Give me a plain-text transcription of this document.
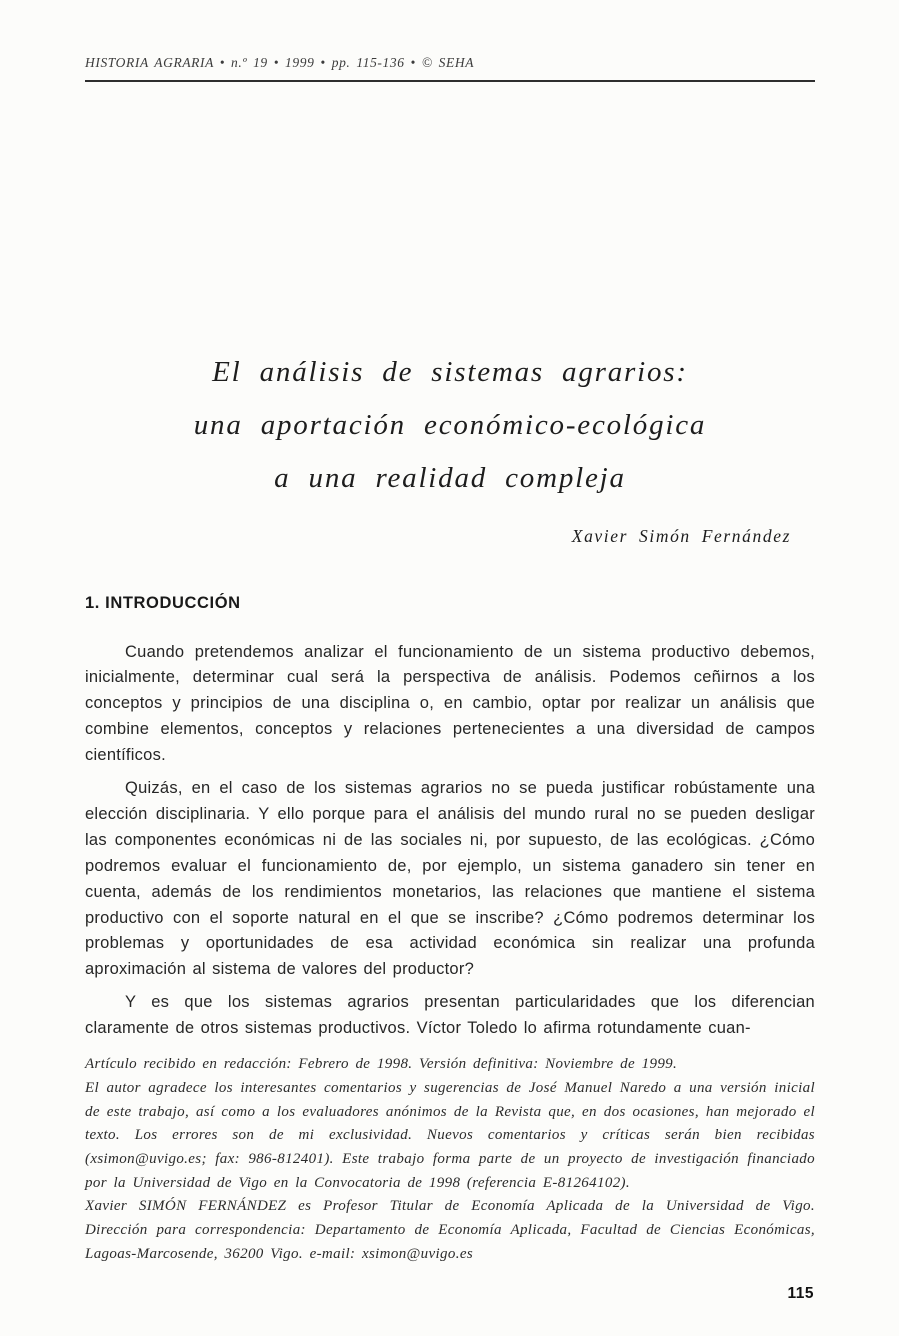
HISTORIA AGRARIA • n.º 19 • 1999 • pp. 115-136 • © SEHA
El análisis de sistemas agrarios:
una aportación económico-ecológica
a una realidad compleja
Xavier Simón Fernández
1. INTRODUCCIÓN

Cuando pretendemos analizar el funcionamiento de un sistema productivo debemos, inicialmente, determinar cual será la perspectiva de análisis. Podemos ceñirnos a los conceptos y principios de una disciplina o, en cambio, optar por realizar un análisis que combine elementos, conceptos y relaciones pertenecientes a una diversidad de campos científicos.

Quizás, en el caso de los sistemas agrarios no se pueda justificar robústamente una elección disciplinaria. Y ello porque para el análisis del mundo rural no se pueden desligar las componentes económicas ni de las sociales ni, por supuesto, de las ecológicas. ¿Cómo podremos evaluar el funcionamiento de, por ejemplo, un sistema ganadero sin tener en cuenta, además de los rendimientos monetarios, las relaciones que mantiene el sistema productivo con el soporte natural en el que se inscribe? ¿Cómo podremos determinar los problemas y oportunidades de esa actividad económica sin realizar una profunda aproximación al sistema de valores del productor?

Y es que los sistemas agrarios presentan particularidades que los diferencian claramente de otros sistemas productivos. Víctor Toledo lo afirma rotundamente cuan-

Artículo recibido en redacción: Febrero de 1998. Versión definitiva: Noviembre de 1999.

El autor agradece los interesantes comentarios y sugerencias de José Manuel Naredo a una versión inicial de este trabajo, así como a los evaluadores anónimos de la Revista que, en dos ocasiones, han mejorado el texto. Los errores son de mi exclusividad. Nuevos comentarios y críticas serán bien recibidas (xsimon@uvigo.es; fax: 986-812401). Este trabajo forma parte de un proyecto de investigación financiado por la Universidad de Vigo en la Convocatoria de 1998 (referencia E-81264102).

Xavier SIMÓN FERNÁNDEZ es Profesor Titular de Economía Aplicada de la Universidad de Vigo. Dirección para correspondencia: Departamento de Economía Aplicada, Facultad de Ciencias Económicas, Lagoas-Marcosende, 36200 Vigo. e-mail: xsimon@uvigo.es

115
